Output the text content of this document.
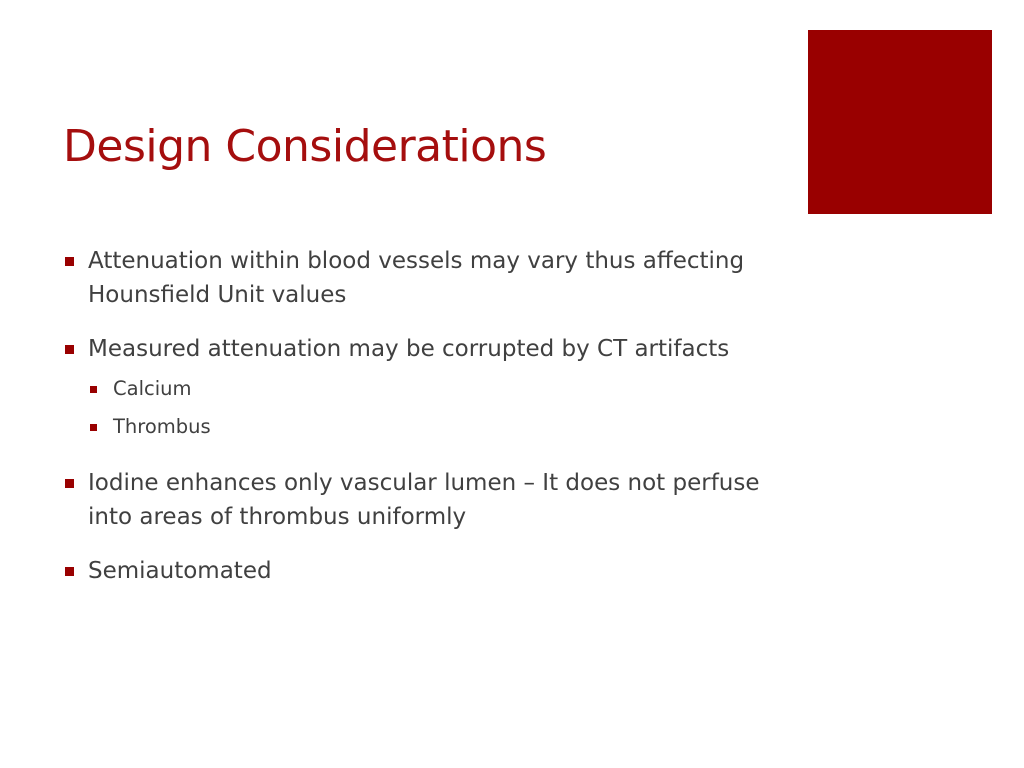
Design Considerations
Attenuation within blood vessels may vary thus affecting Hounsfield Unit values
Measured attenuation may be corrupted by CT artifacts
Calcium
Thrombus
Iodine enhances only vascular lumen – It does not perfuse into areas of thrombus uniformly
Semiautomated
